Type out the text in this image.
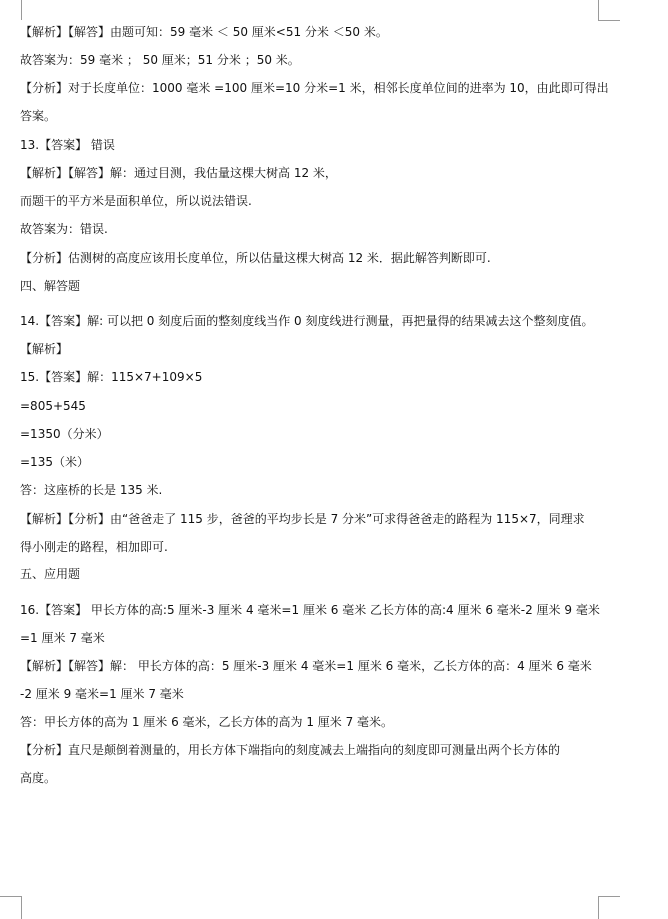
【解析】【解答】由题可知：59 毫米 ＜ 50 厘米<51 分米 ＜50 米。
故答案为：59 毫米 ； 50 厘米；51 分米 ；50 米。
【分析】对于长度单位：1000 毫米 =100 厘米=10 分米=1 米，相邻长度单位间的进率为 10，由此即可得出
答案。
13.【答案】 错误
【解析】【解答】解：通过目测，我估量这棵大树高 12 米，
而题干的平方米是面积单位，所以说法错误.
故答案为：错误.
【分析】估测树的高度应该用长度单位，所以估量这棵大树高 12 米．据此解答判断即可.
四、解答题
14.【答案】解: 可以把 0 刻度后面的整刻度线当作 0 刻度线进行测量，再把量得的结果减去这个整刻度值。
【解析】
15.【答案】解：115×7+109×5
=805+545
=1350（分米）
=135（米）
答：这座桥的长是 135 米.
【解析】【分析】由“爸爸走了 115 步，爸爸的平均步长是 7 分米”可求得爸爸走的路程为 115×7，同理求
得小刚走的路程，相加即可.
五、应用题
16.【答案】 甲长方体的高:5 厘米-3 厘米 4 毫米=1 厘米 6 毫米 乙长方体的高:4 厘米 6 毫米-2 厘米 9 毫米
=1 厘米 7 毫米
【解析】【解答】解： 甲长方体的高：5 厘米-3 厘米 4 毫米=1 厘米 6 毫米，乙长方体的高：4 厘米 6 毫米
-2 厘米 9 毫米=1 厘米 7 毫米
答：甲长方体的高为 1 厘米 6 毫米，乙长方体的高为 1 厘米 7 毫米。
【分析】直尺是颠倒着测量的，用长方体下端指向的刻度减去上端指向的刻度即可测量出两个长方体的
高度。
